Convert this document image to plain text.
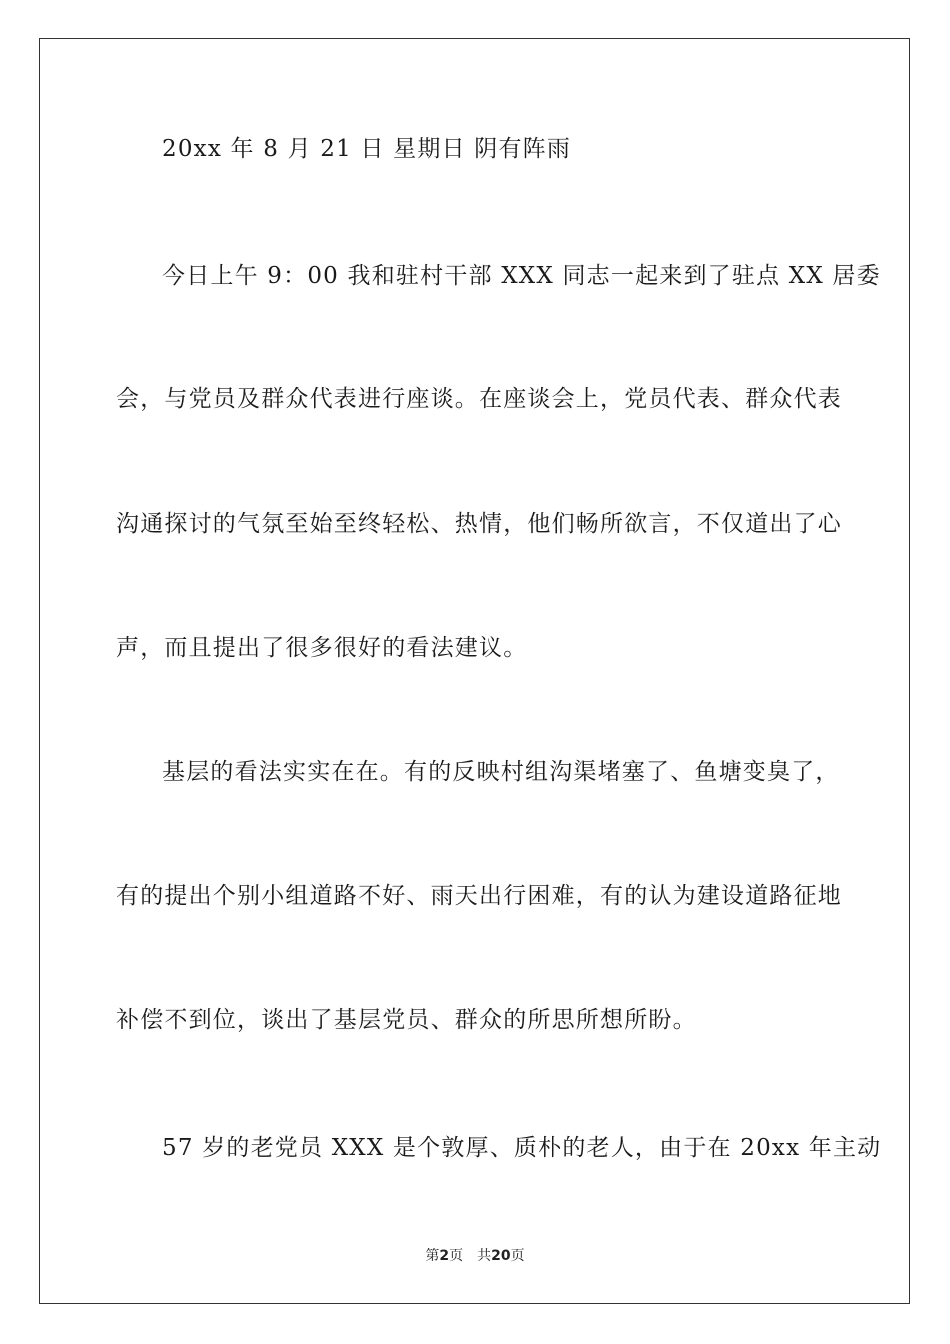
20xx 年 8 月 21 日 星期日 阴有阵雨
今日上午 9：00 我和驻村干部 XXX 同志一起来到了驻点 XX 居委
会，与党员及群众代表进行座谈。在座谈会上，党员代表、群众代表
沟通探讨的气氛至始至终轻松、热情，他们畅所欲言，不仅道出了心
声，而且提出了很多很好的看法建议。
基层的看法实实在在。有的反映村组沟渠堵塞了、鱼塘变臭了，
有的提出个别小组道路不好、雨天出行困难，有的认为建设道路征地
补偿不到位，谈出了基层党员、群众的所思所想所盼。
57 岁的老党员 XXX 是个敦厚、质朴的老人，由于在 20xx 年主动
第2页 共20页
